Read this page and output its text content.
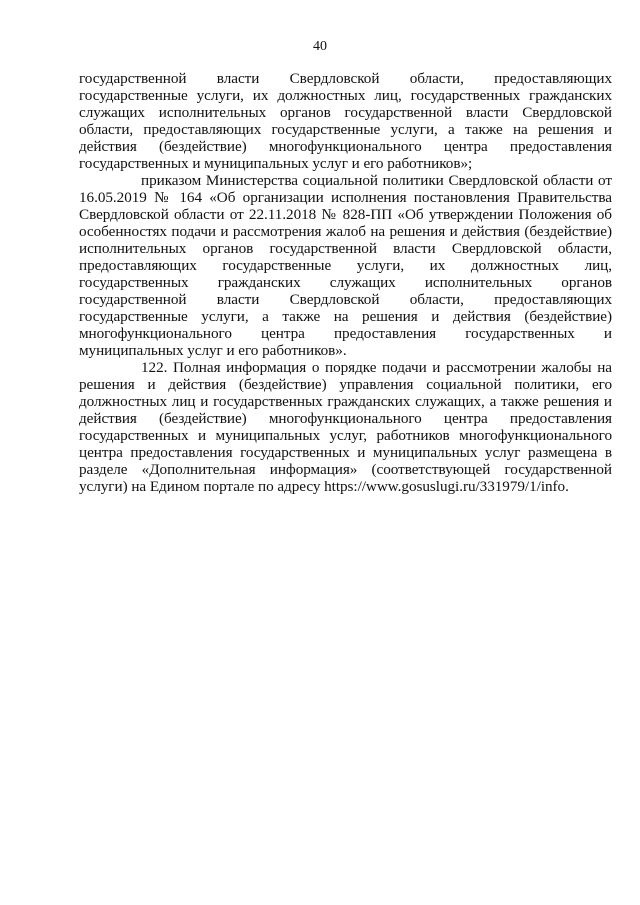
40

государственной власти Свердловской области, предоставляющих государственные услуги, их должностных лиц, государственных гражданских служащих исполнительных органов государственной власти Свердловской области, предоставляющих государственные услуги, а также на решения и действия (бездействие) многофункционального центра предоставления государственных и муниципальных услуг и его работников»;

приказом Министерства социальной политики Свердловской области от 16.05.2019 № 164 «Об организации исполнения постановления Правительства Свердловской области от 22.11.2018 № 828-ПП «Об утверждении Положения об особенностях подачи и рассмотрения жалоб на решения и действия (бездействие) исполнительных органов государственной власти Свердловской области, предоставляющих государственные услуги, их должностных лиц, государственных гражданских служащих исполнительных органов государственной власти Свердловской области, предоставляющих государственные услуги, а также на решения и действия (бездействие) многофункционального центра предоставления государственных и муниципальных услуг и его работников».

122. Полная информация о порядке подачи и рассмотрении жалобы на решения и действия (бездействие) управления социальной политики, его должностных лиц и государственных гражданских служащих, а также решения и действия (бездействие) многофункционального центра предоставления государственных и муниципальных услуг, работников многофункционального центра предоставления государственных и муниципальных услуг размещена в разделе «Дополнительная информация» (соответствующей государственной услуги) на Едином портале по адресу https://www.gosuslugi.ru/331979/1/info.
